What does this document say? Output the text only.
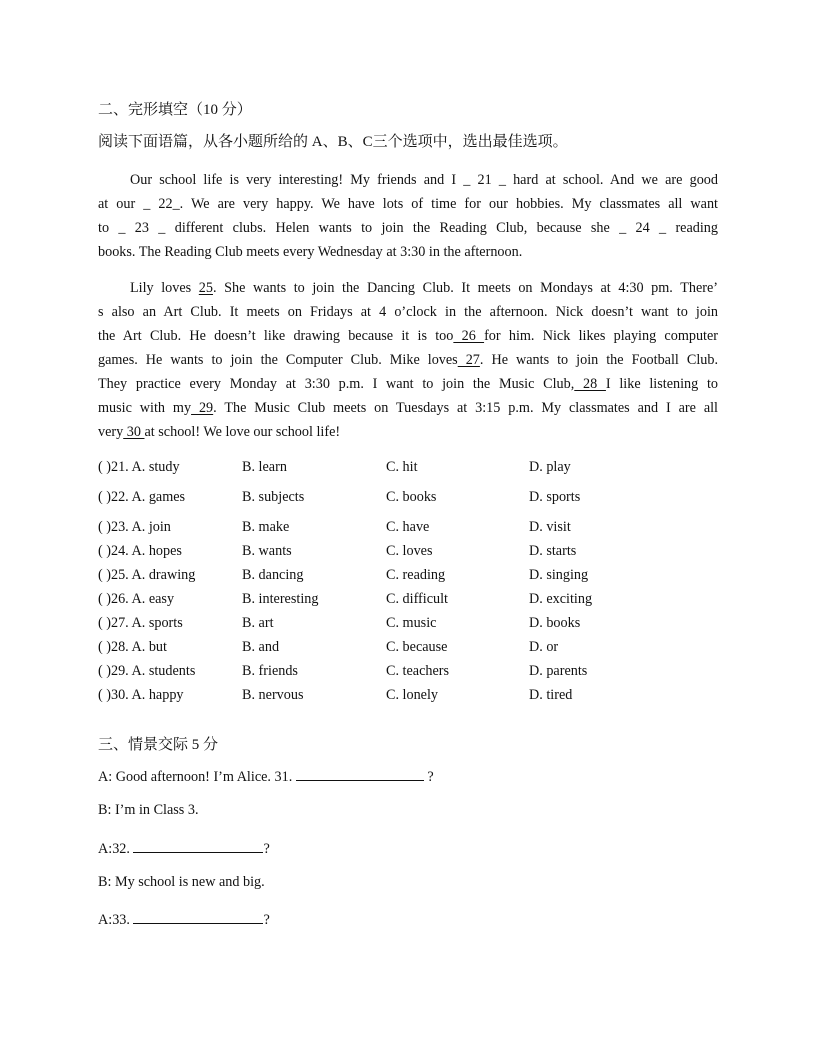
二、完形填空（10 分）
阅读下面语篇，从各小题所给的 A、B、C三个选项中，选出最佳选项。
Our school life is very interesting! My friends and I _ 21 _ hard at school. And we are good
at our _ 22_. We are very happy. We have lots of time for our hobbies. My classmates all want
to _ 23 _ different clubs. Helen wants to join the Reading Club, because she _ 24 _ reading
books. The Reading Club meets every Wednesday at 3:30 in the afternoon.
Lily loves 25. She wants to join the Dancing Club. It meets on Mondays at 4:30 pm. There’
s also an Art Club. It meets on Fridays at 4 o’clock in the afternoon. Nick doesn’t want to join
the Art Club. He doesn’t like drawing because it is too 26 for him. Nick likes playing computer
games. He wants to join the Computer Club. Mike loves 27. He wants to join the Football Club.
They practice every Monday at 3:30 p.m. I want to join the Music Club, 28 I like listening to
music with my 29. The Music Club meets on Tuesdays at 3:15 p.m. My classmates and I are all
very 30 at school! We love our school life!
( )21. A. study	B. learn	C. hit	D. play
( )22. A. games	B. subjects	C. books	D. sports
( )23. A. join	B. make	C. have	D. visit
( )24. A. hopes	B. wants	C. loves	D. starts
( )25. A. drawing	B. dancing	C. reading	D. singing
( )26. A. easy	B. interesting	C. difficult	D. exciting
( )27. A. sports	B. art	C. music	D. books
( )28. A. but	B. and	C. because	D. or
( )29. A. students	B. friends	C. teachers	D. parents
( )30. A. happy	B. nervous	C. lonely	D. tired
三、情景交际 5 分
A: Good afternoon! I’m Alice. 31.	?
B: I’m in Class 3.
A:32.	?
B: My school is new and big.
A:33.	?
